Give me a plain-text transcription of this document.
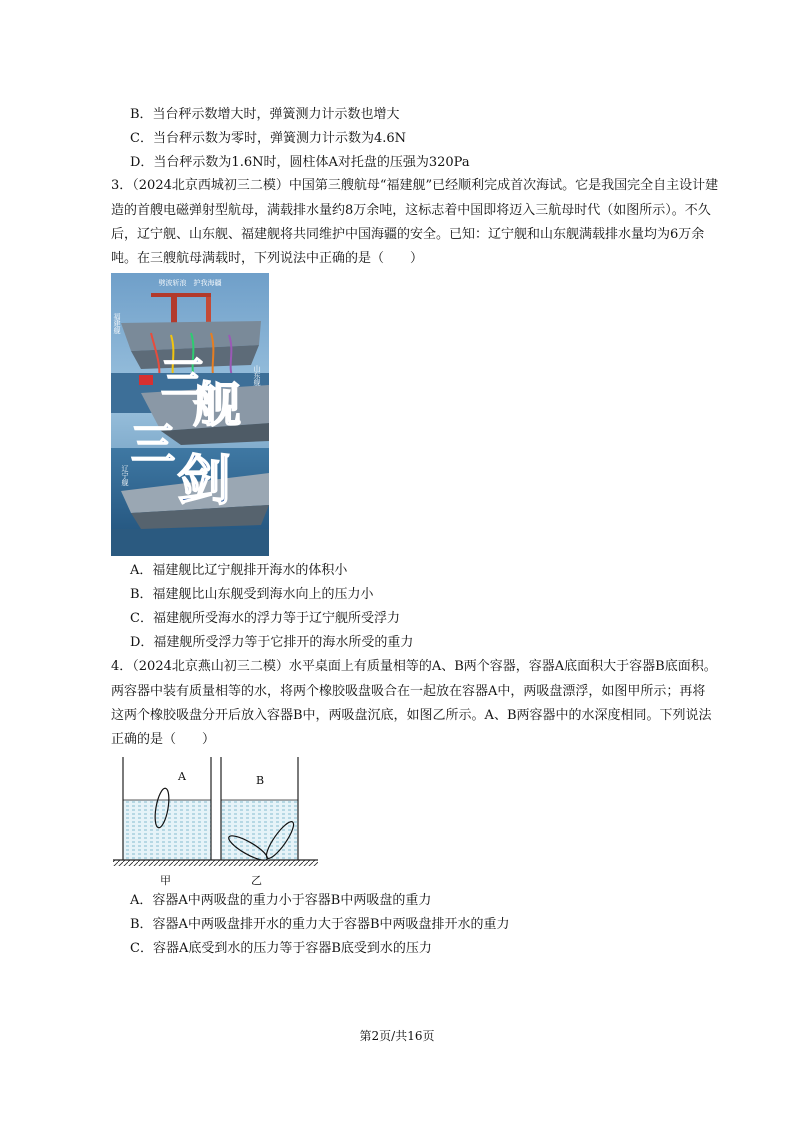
B．当台秤示数增大时，弹簧测力计示数也增大
C．当台秤示数为零时，弹簧测力计示数为4.6N
D．当台秤示数为1.6N时，圆柱体A对托盘的压强为320Pa
3．（2024北京西城初三二模）中国第三艘航母“福建舰”已经顺利完成首次海试。它是我国完全自主设计建
造的首艘电磁弹射型航母，满载排水量约8万余吨，这标志着中国即将迈入三航母时代（如图所示）。不久
后，辽宁舰、山东舰、福建舰将共同维护中国海疆的安全。已知：辽宁舰和山东舰满载排水量均为6万余
吨。在三艘航母满载时，下列说法中正确的是（　　）
劈波斩浪　护我海疆
福建舰
山东舰
辽宁舰
三
舰
三
剑
A．福建舰比辽宁舰排开海水的体积小
B．福建舰比山东舰受到海水向上的压力小
C．福建舰所受海水的浮力等于辽宁舰所受浮力
D．福建舰所受浮力等于它排开的海水所受的重力
4．（2024北京燕山初三二模）水平桌面上有质量相等的A、B两个容器，容器A底面积大于容器B底面积。
两容器中装有质量相等的水，将两个橡胶吸盘吸合在一起放在容器A中，两吸盘漂浮，如图甲所示；再将
这两个橡胶吸盘分开后放入容器B中，两吸盘沉底，如图乙所示。A、B两容器中的水深度相同。下列说法
正确的是（　　）
A	B
甲	乙
A．容器A中两吸盘的重力小于容器B中两吸盘的重力
B．容器A中两吸盘排开水的重力大于容器B中两吸盘排开水的重力
C．容器A底受到水的压力等于容器B底受到水的压力
第2页/共16页
